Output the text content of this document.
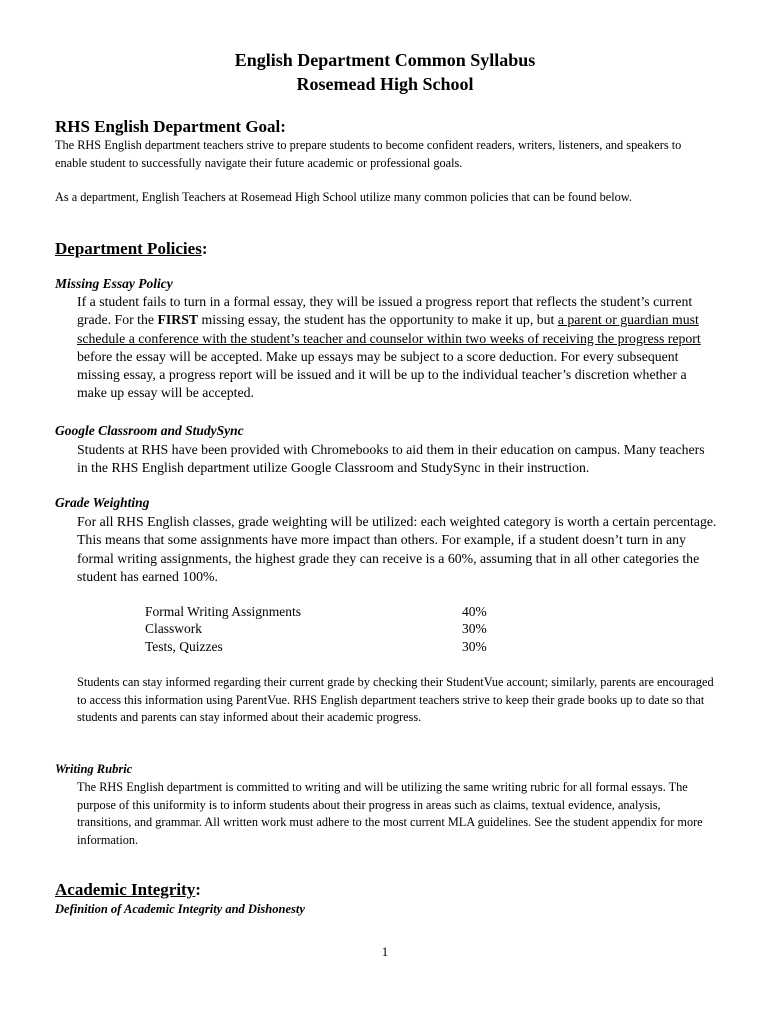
English Department Common Syllabus
Rosemead High School
RHS English Department Goal:
The RHS English department teachers strive to prepare students to become confident readers, writers, listeners, and speakers to enable student to successfully navigate their future academic or professional goals.
As a department, English Teachers at Rosemead High School utilize many common policies that can be found below.
Department Policies:
Missing Essay Policy
If a student fails to turn in a formal essay, they will be issued a progress report that reflects the student’s current grade. For the FIRST missing essay, the student has the opportunity to make it up, but a parent or guardian must schedule a conference with the student’s teacher and counselor within two weeks of receiving the progress report before the essay will be accepted. Make up essays may be subject to a score deduction. For every subsequent missing essay, a progress report will be issued and it will be up to the individual teacher’s discretion whether a make up essay will be accepted.
Google Classroom and StudySync
Students at RHS have been provided with Chromebooks to aid them in their education on campus. Many teachers in the RHS English department utilize Google Classroom and StudySync in their instruction.
Grade Weighting
For all RHS English classes, grade weighting will be utilized: each weighted category is worth a certain percentage. This means that some assignments have more impact than others. For example, if a student doesn’t turn in any formal writing assignments, the highest grade they can receive is a 60%, assuming that in all other categories the student has earned 100%.
Formal Writing Assignments	40%
Classwork	30%
Tests, Quizzes	30%
Students can stay informed regarding their current grade by checking their StudentVue account; similarly, parents are encouraged to access this information using ParentVue. RHS English department teachers strive to keep their grade books up to date so that students and parents can stay informed about their academic progress.
Writing Rubric
The RHS English department is committed to writing and will be utilizing the same writing rubric for all formal essays. The purpose of this uniformity is to inform students about their progress in areas such as claims, textual evidence, analysis, transitions, and grammar. All written work must adhere to the most current MLA guidelines. See the student appendix for more information.
Academic Integrity:
Definition of Academic Integrity and Dishonesty
1
